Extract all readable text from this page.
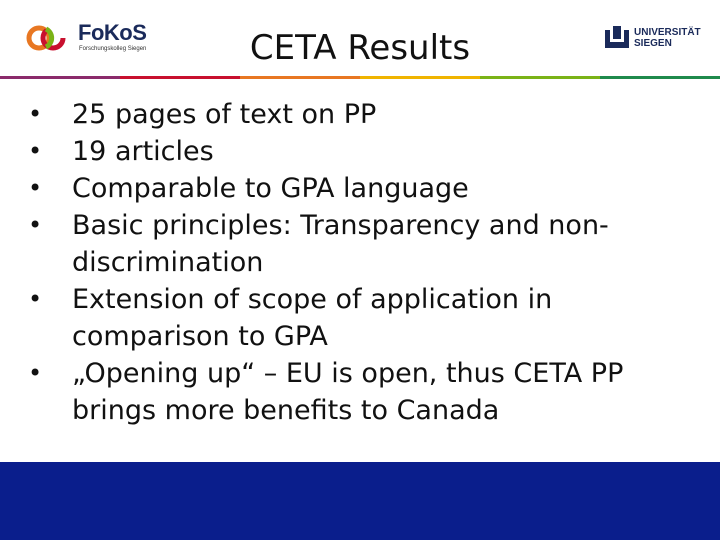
FoKoS
Forschungskolleg Siegen	CETA Results	UNIVERSITÄT
SIEGEN
• 25 pages of text on PP
• 19 articles
• Comparable to GPA language
• Basic principles: Transparency and non-discrimination
• Extension of scope of application in comparison to GPA
• „Opening up“ – EU is open, thus CETA PP brings more benefits to Canada
